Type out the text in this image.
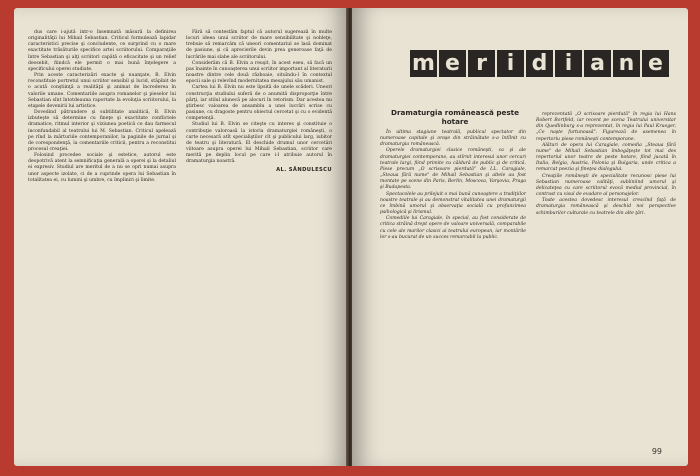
dus care i-ajută intr-o însemnată măsură la definirea originalităţii lui Mihail Sebastian. Criticul formulează lapidar caracteristici precise şi concludente, ce surprind cu o mare exactitate trăsăturile specifice artei scriitorului. Comparaţiile între Sebastian şi alţi scriitori capătă o eficacitate şi un relief deosebit, fiindcă ele permit o mai bună înţelegere a specificului operei studiate.

Prin aceste caracterizări exacte şi nuanţate, B. Elvin reconstituie portretul unui scriitor sensibil şi lucid, stăpînit de o acută conştiinţă a realităţii şi animat de încrederea în valorile umane. Comentariile asupra romanelor şi pieselor lui Sebastian sînt întotdeauna raportate la evoluţia scriitorului, la etapele devenirii lui artistice.

Dovedind pătrundere şi subtilitate analitică, B. Elvin izbuteşte să determine cu fineţe şi exactitate conflictele dramatice, ritmul interior şi viziunea poetică ce dau farmecul inconfundabil al teatrului lui M. Sebastian. Criticul apelează pe rînd la mărturiile contemporanilor, la paginile de jurnal şi de corespondenţă, la comentariile criticii, pentru a reconstitui procesul creaţiei.

Folosind procedee sociale şi estetice, autorul este deopotrivă atent la semnificaţia generală a operei şi la detaliul ei expresiv. Studiul are meritul de a nu se opri numai asupra unor aspecte izolate, ci de a cuprinde opera lui Sebastian în totalitatea ei, cu lumini şi umbre, cu împliniri şi limite.

Fără să contestăm faptul că autorul sugerează în multe locuri ideea unui scriitor de mare sensibilitate şi nobleţe, trebuie să remarcăm că uneori comentariul se lasă dominat de pasiune, şi că aprecierile devin prea generoase faţă de lucrările mai slabe ale scriitorului.

Considerăm că B. Elvin a reuşit, în acest eseu, să facă un pas înainte în cunoaşterea unui scriitor important al literaturii noastre dintre cele două războaie, situîndu-l în contextul epocii sale şi relevînd modernitatea mesajului său umanist.

Cartea lui B. Elvin nu este lipsită de unele scăderi. Uneori construcţia studiului suferă de o anumită disproporţie între părţi, iar stilul alunecă pe alocuri în retorism. Dar acestea nu ştirbesc valoarea de ansamblu a unei lucrări scrise cu pasiune, cu dragoste pentru obiectul cercetat şi cu o evidentă competenţă.

Studiul lui B. Elvin se citeşte cu interes şi constituie o contribuţie valoroasă la istoria dramaturgiei româneşti, o carte necesară atît specialiştilor cît şi publicului larg, iubitor de teatru şi literatură. El deschide drumul unor cercetări viitoare asupra operei lui Mihail Sebastian, scriitor care merită pe deplin locul pe care i-l atribuie autorul în dramaturgia noastră.

AL. SĂNDULESCU
m e r i d i a n e
Dramaturgia românească peste hotare

În ultima stagiune teatrală, publicul spectator din numeroase capitale şi oraşe din străinătate s-a întîlnit cu dramaturgia românească.

Operele dramaturgiei clasice româneşti, ca şi ale dramaturgiei contemporane, au stîrnit interesul unor cercuri teatrale largi, fiind primite cu căldură de public şi de critică. Piese precum „O scrisoare pierdută" de I.L. Caragiale, „Steaua fără nume" de Mihail Sebastian şi altele au fost montate pe scene din Paris, Berlin, Moscova, Varşovia, Praga şi Budapesta.

Spectacolele au prilejuit o mai bună cunoaştere a tradiţiilor noastre teatrale şi au demonstrat vitalitatea unei dramaturgii ce îmbină umorul şi observaţia socială cu profunzimea psihologică şi lirismul.

Comediile lui Caragiale, în special, au fost considerate de critica străină drept opere de valoare universală, comparabile cu cele ale marilor clasici ai teatrului european, iar montările lor s-au bucurat de un succes remarcabil la public.

reprezentată „O scrisoare pierdută" în regia lui Hans Robert Bortfeld, iar recent pe scena Teatrului universitar din Quedlinburg s-a reprezentat, în regia lui Paul Krueger, „Ce naşte furtunoasă". Figurează de asemenea în repertoriu piese româneşti contemporane.

Alături de opera lui Caragiale, comedia „Steaua fără nume" de Mihail Sebastian îmbogăţeşte tot mai des repertoriul unor teatre de peste hotare, fiind jucată în Italia, Belgia, Austria, Polonia şi Bulgaria, unde critica a remarcat poezia şi fineţea dialogului.

Creaţiile româneşti de specialitate recunosc piese lui Sebastian numeroase calităţi, subliniind umorul şi delicateţea cu care scriitorul evocă mediul provincial, în contrast cu visul de evadare al personajelor.

Toate acestea dovedesc interesul crescînd faţă de dramaturgia românească şi deschid noi perspective schimburilor culturale cu teatrele din alte ţări.

99
